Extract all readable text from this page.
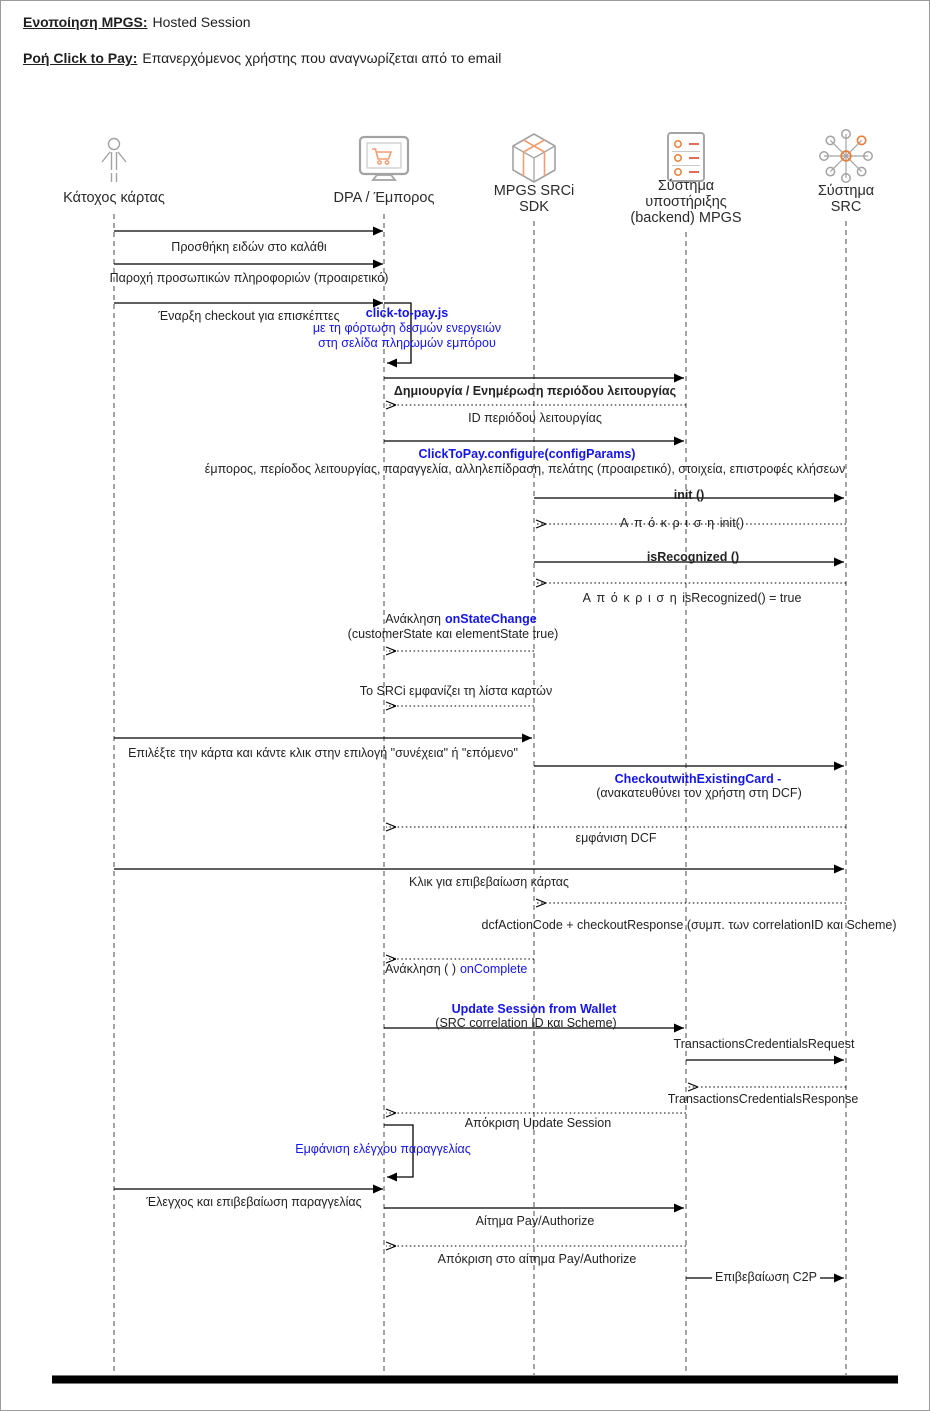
Ενοποίηση MPGS: Hosted Session
Ροή Click to Pay: Επανερχόμενος χρήστης που αναγνωρίζεται από το email
Κάτοχος κάρτας	DPA / Έμπορος	MPGS SRCi SDK
Σύστημα υποστήριξης (backend) MPGS
Σύστημα SRC
Προσθήκη ειδών στο καλάθι
Παροχή προσωπικών πληροφοριών (προαιρετικό)
Έναρξη checkout για επισκέπτες	click-to-pay.js
με τη φόρτωση δεσμών ενεργειών
στη σελίδα πληρωμών εμπόρου
Δημιουργία / Ενημέρωση περιόδου λειτουργίας
ID περιόδου λειτουργίας
ClickToPay.configure(configParams)
έμπορος, περίοδος λειτουργίας, παραγγελία, αλληλεπίδραση, πελάτης (προαιρετικό), στοιχεία, επιστροφές κλήσεων
init ()
Απόκρισηinit()
isRecognized ()
ΑπόκρισηisRecognized() = true
Ανάκληση onStateChange
(customerState και elementState true)
Το SRCi εμφανίζει τη λίστα καρτών
Επιλέξτε την κάρτα και κάντε κλικ στην επιλογή "συνέχεια" ή "επόμενο"
CheckoutwithExistingCard -
(ανακατευθύνει τον χρήστη στη DCF)
εμφάνιση DCF
Κλικ για επιβεβαίωση κάρτας
dcfActionCode + checkoutResponse (συμπ. των correlationID και Scheme)
Ανάκληση ( ) onComplete
Update Session from Wallet
(SRC correlation ID και Scheme)
TransactionsCredentialsRequest
TransactionsCredentialsResponse
Απόκριση Update Session
Εμφάνιση ελέγχου παραγγελίας
Έλεγχος και επιβεβαίωση παραγγελίας
Αίτημα Pay/Authorize
Απόκριση στο αίτημα Pay/Authorize
Επιβεβαίωση C2P
